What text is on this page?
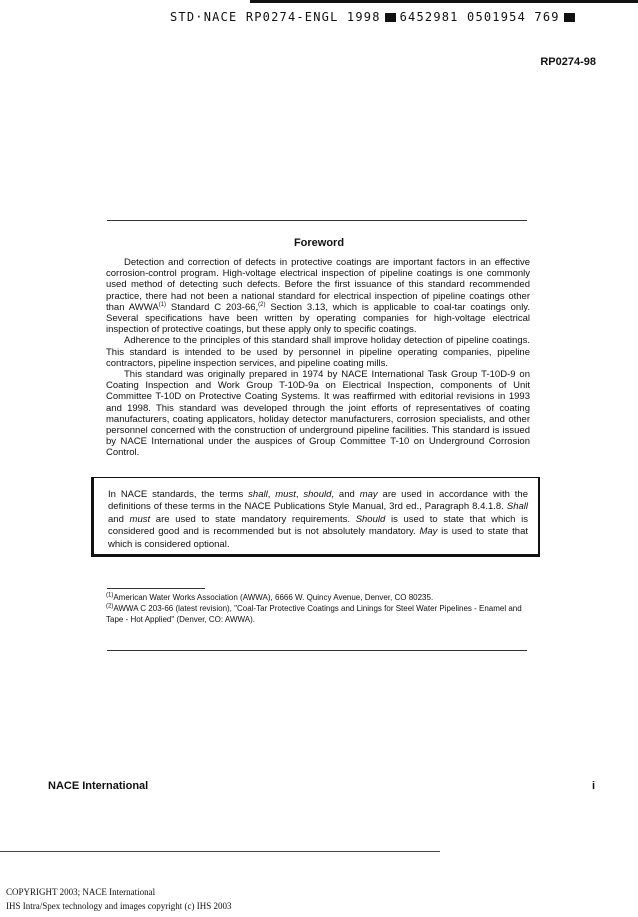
STD·NACE RP0274-ENGL 1998 6452981 0501954 769
RP0274-98
Foreword

Detection and correction of defects in protective coatings are important factors in an effective corrosion-control program. High-voltage electrical inspection of pipeline coatings is one commonly used method of detecting such defects. Before the first issuance of this standard recommended practice, there had not been a national standard for electrical inspection of pipeline coatings other than AWWA$^{(1)}$ Standard C 203-66,$^{(2)}$ Section 3.13, which is applicable to coal-tar coatings only. Several specifications have been written by operating companies for high-voltage electrical inspection of protective coatings, but these apply only to specific coatings.

Adherence to the principles of this standard shall improve holiday detection of pipeline coatings. This standard is intended to be used by personnel in pipeline operating companies, pipeline contractors, pipeline inspection services, and pipeline coating mills.

This standard was originally prepared in 1974 by NACE International Task Group T-10D-9 on Coating Inspection and Work Group T-10D-9a on Electrical Inspection, components of Unit Committee T-10D on Protective Coating Systems. It was reaffirmed with editorial revisions in 1993 and 1998. This standard was developed through the joint efforts of representatives of coating manufacturers, coating applicators, holiday detector manufacturers, corrosion specialists, and other personnel concerned with the construction of underground pipeline facilities. This standard is issued by NACE International under the auspices of Group Committee T-10 on Underground Corrosion Control.

In NACE standards, the terms shall, must, should, and may are used in accordance with the definitions of these terms in the NACE Publications Style Manual, 3rd ed., Paragraph 8.4.1.8. Shall and must are used to state mandatory requirements. Should is used to state that which is considered good and is recommended but is not absolutely mandatory. May is used to state that which is considered optional.
$^{(1)}$American Water Works Association (AWWA), 6666 W. Quincy Avenue, Denver, CO 80235.
$^{(2)}$AWWA C 203-66 (latest revision), "Coal-Tar Protective Coatings and Linings for Steel Water Pipelines - Enamel and Tape - Hot Applied" (Denver, CO: AWWA).
NACE International	i
COPYRIGHT 2003; NACE International
IHS Intra/Spex technology and images copyright (c) IHS 2003
